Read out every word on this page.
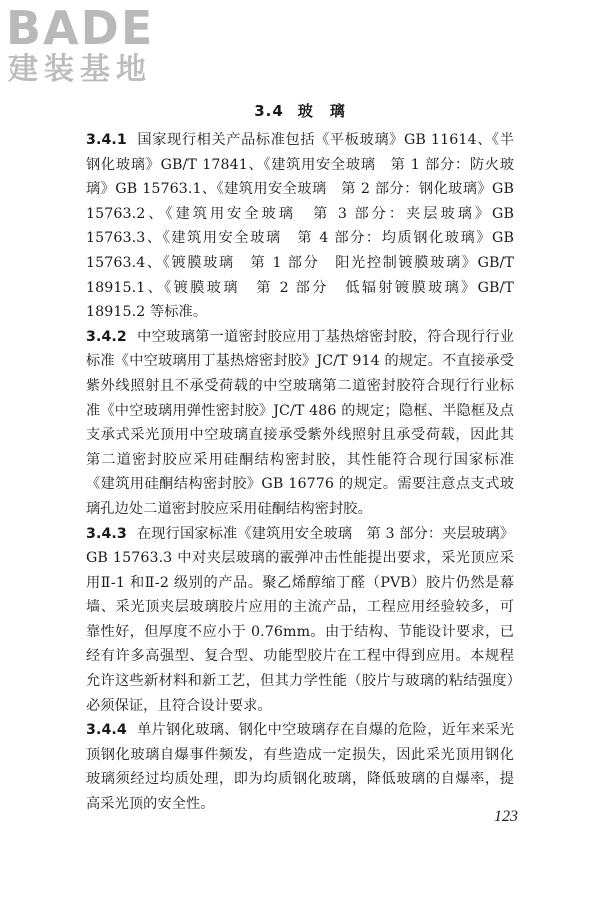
BADE
建装基地
3.4 玻　璃

3.4.1 国家现行相关产品标准包括《平板玻璃》GB 11614、《半钢化玻璃》GB/T 17841、《建筑用安全玻璃　第 1 部分：防火玻璃》GB 15763.1、《建筑用安全玻璃　第 2 部分：钢化玻璃》GB 15763.2、《建筑用安全玻璃　第 3 部分：夹层玻璃》GB 15763.3、《建筑用安全玻璃　第 4 部分：均质钢化玻璃》GB 15763.4、《镀膜玻璃　第 1 部分　阳光控制镀膜玻璃》GB/T 18915.1、《镀膜玻璃　第 2 部分　低辐射镀膜玻璃》GB/T 18915.2 等标准。

3.4.2 中空玻璃第一道密封胶应用丁基热熔密封胶，符合现行行业标准《中空玻璃用丁基热熔密封胶》JC/T 914 的规定。不直接承受紫外线照射且不承受荷载的中空玻璃第二道密封胶符合现行行业标准《中空玻璃用弹性密封胶》JC/T 486 的规定；隐框、半隐框及点支承式采光顶用中空玻璃直接承受紫外线照射且承受荷载，因此其第二道密封胶应采用硅酮结构密封胶，其性能符合现行国家标准《建筑用硅酮结构密封胶》GB 16776 的规定。需要注意点支式玻璃孔边处二道密封胶应采用硅酮结构密封胶。

3.4.3 在现行国家标准《建筑用安全玻璃　第 3 部分：夹层玻璃》GB 15763.3 中对夹层玻璃的霰弹冲击性能提出要求，采光顶应采用Ⅱ-1 和Ⅱ-2 级别的产品。聚乙烯醇缩丁醛（PVB）胶片仍然是幕墙、采光顶夹层玻璃胶片应用的主流产品，工程应用经验较多，可靠性好，但厚度不应小于 0.76mm。由于结构、节能设计要求，已经有许多高强型、复合型、功能型胶片在工程中得到应用。本规程允许这些新材料和新工艺，但其力学性能（胶片与玻璃的粘结强度）必须保证，且符合设计要求。

3.4.4 单片钢化玻璃、钢化中空玻璃存在自爆的危险，近年来采光顶钢化玻璃自爆事件频发，有些造成一定损失，因此采光顶用钢化玻璃须经过均质处理，即为均质钢化玻璃，降低玻璃的自爆率，提高采光顶的安全性。

123
